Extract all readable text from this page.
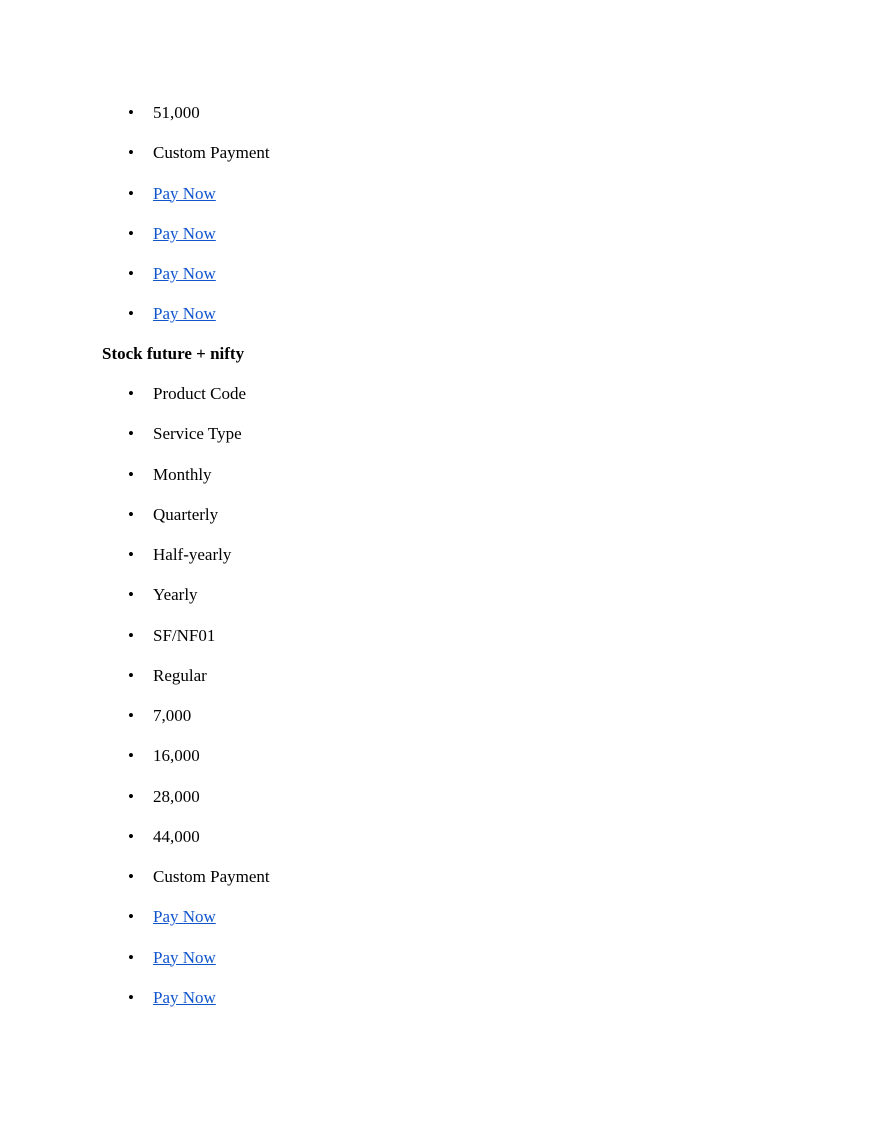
• 51,000
• Custom Payment
• Pay Now
• Pay Now
• Pay Now
• Pay Now
Stock future + nifty
• Product Code
• Service Type
• Monthly
• Quarterly
• Half-yearly
• Yearly
• SF/NF01
• Regular
• 7,000
• 16,000
• 28,000
• 44,000
• Custom Payment
• Pay Now
• Pay Now
• Pay Now
